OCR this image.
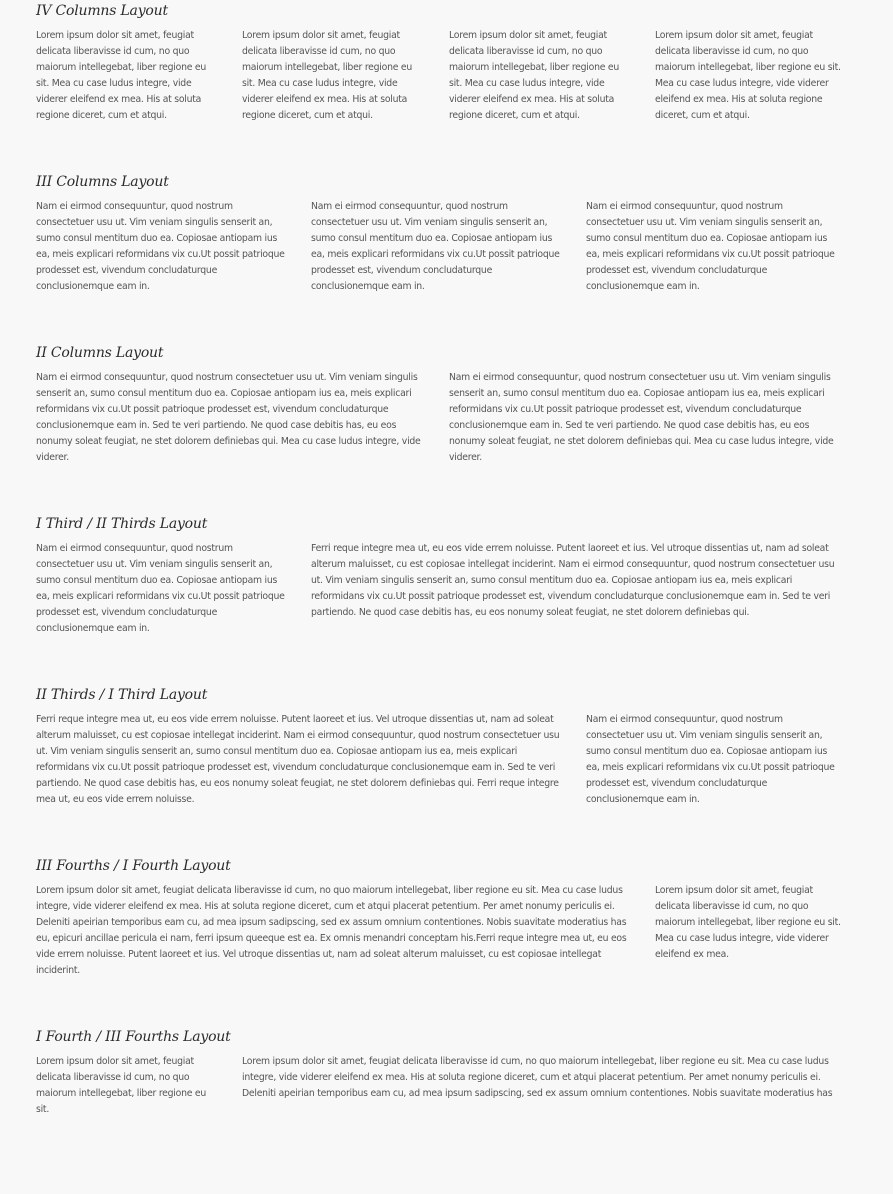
IV Columns Layout

Lorem ipsum dolor sit amet, feugiat delicata liberavisse id cum, no quo maiorum intellegebat, liber regione eu sit. Mea cu case ludus integre, vide viderer eleifend ex mea. His at soluta regione diceret, cum et atqui.

Lorem ipsum dolor sit amet, feugiat delicata liberavisse id cum, no quo maiorum intellegebat, liber regione eu sit. Mea cu case ludus integre, vide viderer eleifend ex mea. His at soluta regione diceret, cum et atqui.

Lorem ipsum dolor sit amet, feugiat delicata liberavisse id cum, no quo maiorum intellegebat, liber regione eu sit. Mea cu case ludus integre, vide viderer eleifend ex mea. His at soluta regione diceret, cum et atqui.

Lorem ipsum dolor sit amet, feugiat delicata liberavisse id cum, no quo maiorum intellegebat, liber regione eu sit. Mea cu case ludus integre, vide viderer eleifend ex mea. His at soluta regione diceret, cum et atqui.

III Columns Layout

Nam ei eirmod consequuntur, quod nostrum consectetuer usu ut. Vim veniam singulis senserit an, sumo consul mentitum duo ea. Copiosae antiopam ius ea, meis explicari reformidans vix cu.Ut possit patrioque prodesset est, vivendum concludaturque conclusionemque eam in.

Nam ei eirmod consequuntur, quod nostrum consectetuer usu ut. Vim veniam singulis senserit an, sumo consul mentitum duo ea. Copiosae antiopam ius ea, meis explicari reformidans vix cu.Ut possit patrioque prodesset est, vivendum concludaturque conclusionemque eam in.

Nam ei eirmod consequuntur, quod nostrum consectetuer usu ut. Vim veniam singulis senserit an, sumo consul mentitum duo ea. Copiosae antiopam ius ea, meis explicari reformidans vix cu.Ut possit patrioque prodesset est, vivendum concludaturque conclusionemque eam in.

II Columns Layout

Nam ei eirmod consequuntur, quod nostrum consectetuer usu ut. Vim veniam singulis senserit an, sumo consul mentitum duo ea. Copiosae antiopam ius ea, meis explicari reformidans vix cu.Ut possit patrioque prodesset est, vivendum concludaturque conclusionemque eam in. Sed te veri partiendo. Ne quod case debitis has, eu eos nonumy soleat feugiat, ne stet dolorem definiebas qui. Mea cu case ludus integre, vide viderer.

Nam ei eirmod consequuntur, quod nostrum consectetuer usu ut. Vim veniam singulis senserit an, sumo consul mentitum duo ea. Copiosae antiopam ius ea, meis explicari reformidans vix cu.Ut possit patrioque prodesset est, vivendum concludaturque conclusionemque eam in. Sed te veri partiendo. Ne quod case debitis has, eu eos nonumy soleat feugiat, ne stet dolorem definiebas qui. Mea cu case ludus integre, vide viderer.

I Third / II Thirds Layout

Nam ei eirmod consequuntur, quod nostrum consectetuer usu ut. Vim veniam singulis senserit an, sumo consul mentitum duo ea. Copiosae antiopam ius ea, meis explicari reformidans vix cu.Ut possit patrioque prodesset est, vivendum concludaturque conclusionemque eam in.

Ferri reque integre mea ut, eu eos vide errem noluisse. Putent laoreet et ius. Vel utroque dissentias ut, nam ad soleat alterum maluisset, cu est copiosae intellegat inciderint. Nam ei eirmod consequuntur, quod nostrum consectetuer usu ut. Vim veniam singulis senserit an, sumo consul mentitum duo ea. Copiosae antiopam ius ea, meis explicari reformidans vix cu.Ut possit patrioque prodesset est, vivendum concludaturque conclusionemque eam in. Sed te veri partiendo. Ne quod case debitis has, eu eos nonumy soleat feugiat, ne stet dolorem definiebas qui.

II Thirds / I Third Layout

Ferri reque integre mea ut, eu eos vide errem noluisse. Putent laoreet et ius. Vel utroque dissentias ut, nam ad soleat alterum maluisset, cu est copiosae intellegat inciderint. Nam ei eirmod consequuntur, quod nostrum consectetuer usu ut. Vim veniam singulis senserit an, sumo consul mentitum duo ea. Copiosae antiopam ius ea, meis explicari reformidans vix cu.Ut possit patrioque prodesset est, vivendum concludaturque conclusionemque eam in. Sed te veri partiendo. Ne quod case debitis has, eu eos nonumy soleat feugiat, ne stet dolorem definiebas qui. Ferri reque integre mea ut, eu eos vide errem noluisse.

Nam ei eirmod consequuntur, quod nostrum consectetuer usu ut. Vim veniam singulis senserit an, sumo consul mentitum duo ea. Copiosae antiopam ius ea, meis explicari reformidans vix cu.Ut possit patrioque prodesset est, vivendum concludaturque conclusionemque eam in.

III Fourths / I Fourth Layout

Lorem ipsum dolor sit amet, feugiat delicata liberavisse id cum, no quo maiorum intellegebat, liber regione eu sit. Mea cu case ludus integre, vide viderer eleifend ex mea. His at soluta regione diceret, cum et atqui placerat petentium. Per amet nonumy periculis ei. Deleniti apeirian temporibus eam cu, ad mea ipsum sadipscing, sed ex assum omnium contentiones. Nobis suavitate moderatius has eu, epicuri ancillae pericula ei nam, ferri ipsum queeque est ea. Ex omnis menandri conceptam his.Ferri reque integre mea ut, eu eos vide errem noluisse. Putent laoreet et ius. Vel utroque dissentias ut, nam ad soleat alterum maluisset, cu est copiosae intellegat inciderint.

Lorem ipsum dolor sit amet, feugiat delicata liberavisse id cum, no quo maiorum intellegebat, liber regione eu sit. Mea cu case ludus integre, vide viderer eleifend ex mea.

I Fourth / III Fourths Layout

Lorem ipsum dolor sit amet, feugiat delicata liberavisse id cum, no quo maiorum intellegebat, liber regione eu sit.

Lorem ipsum dolor sit amet, feugiat delicata liberavisse id cum, no quo maiorum intellegebat, liber regione eu sit. Mea cu case ludus integre, vide viderer eleifend ex mea. His at soluta regione diceret, cum et atqui placerat petentium. Per amet nonumy periculis ei. Deleniti apeirian temporibus eam cu, ad mea ipsum sadipscing, sed ex assum omnium contentiones. Nobis suavitate moderatius has
